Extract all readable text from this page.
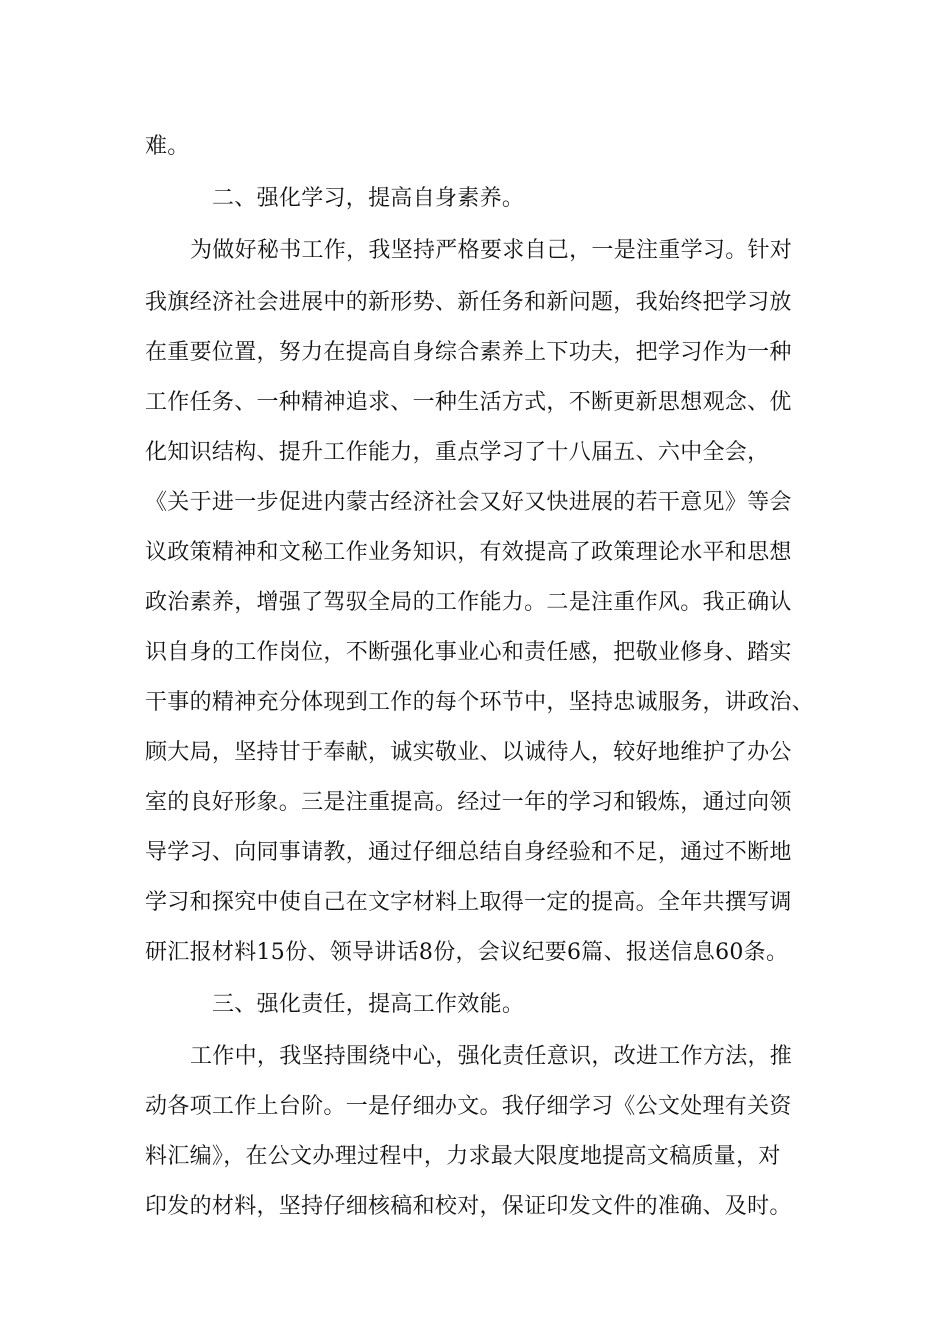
难。
二、强化学习，提高自身素养。
为做好秘书工作，我坚持严格要求自己，一是注重学习。针对
我旗经济社会进展中的新形势、新任务和新问题，我始终把学习放
在重要位置，努力在提高自身综合素养上下功夫，把学习作为一种
工作任务、一种精神追求、一种生活方式，不断更新思想观念、优
化知识结构、提升工作能力，重点学习了十八届五、六中全会，
《关于进一步促进内蒙古经济社会又好又快进展的若干意见》等会
议政策精神和文秘工作业务知识，有效提高了政策理论水平和思想
政治素养，增强了驾驭全局的工作能力。二是注重作风。我正确认
识自身的工作岗位，不断强化事业心和责任感，把敬业修身、踏实
干事的精神充分体现到工作的每个环节中，坚持忠诚服务，讲政治、
顾大局，坚持甘于奉献，诚实敬业、以诚待人，较好地维护了办公
室的良好形象。三是注重提高。经过一年的学习和锻炼，通过向领
导学习、向同事请教，通过仔细总结自身经验和不足，通过不断地
学习和探究中使自己在文字材料上取得一定的提高。全年共撰写调
研汇报材料15份、领导讲话8份，会议纪要6篇、报送信息60条。
三、强化责任，提高工作效能。
工作中，我坚持围绕中心，强化责任意识，改进工作方法，推
动各项工作上台阶。一是仔细办文。我仔细学习《公文处理有关资
料汇编》，在公文办理过程中，力求最大限度地提高文稿质量，对
印发的材料，坚持仔细核稿和校对，保证印发文件的准确、及时。
